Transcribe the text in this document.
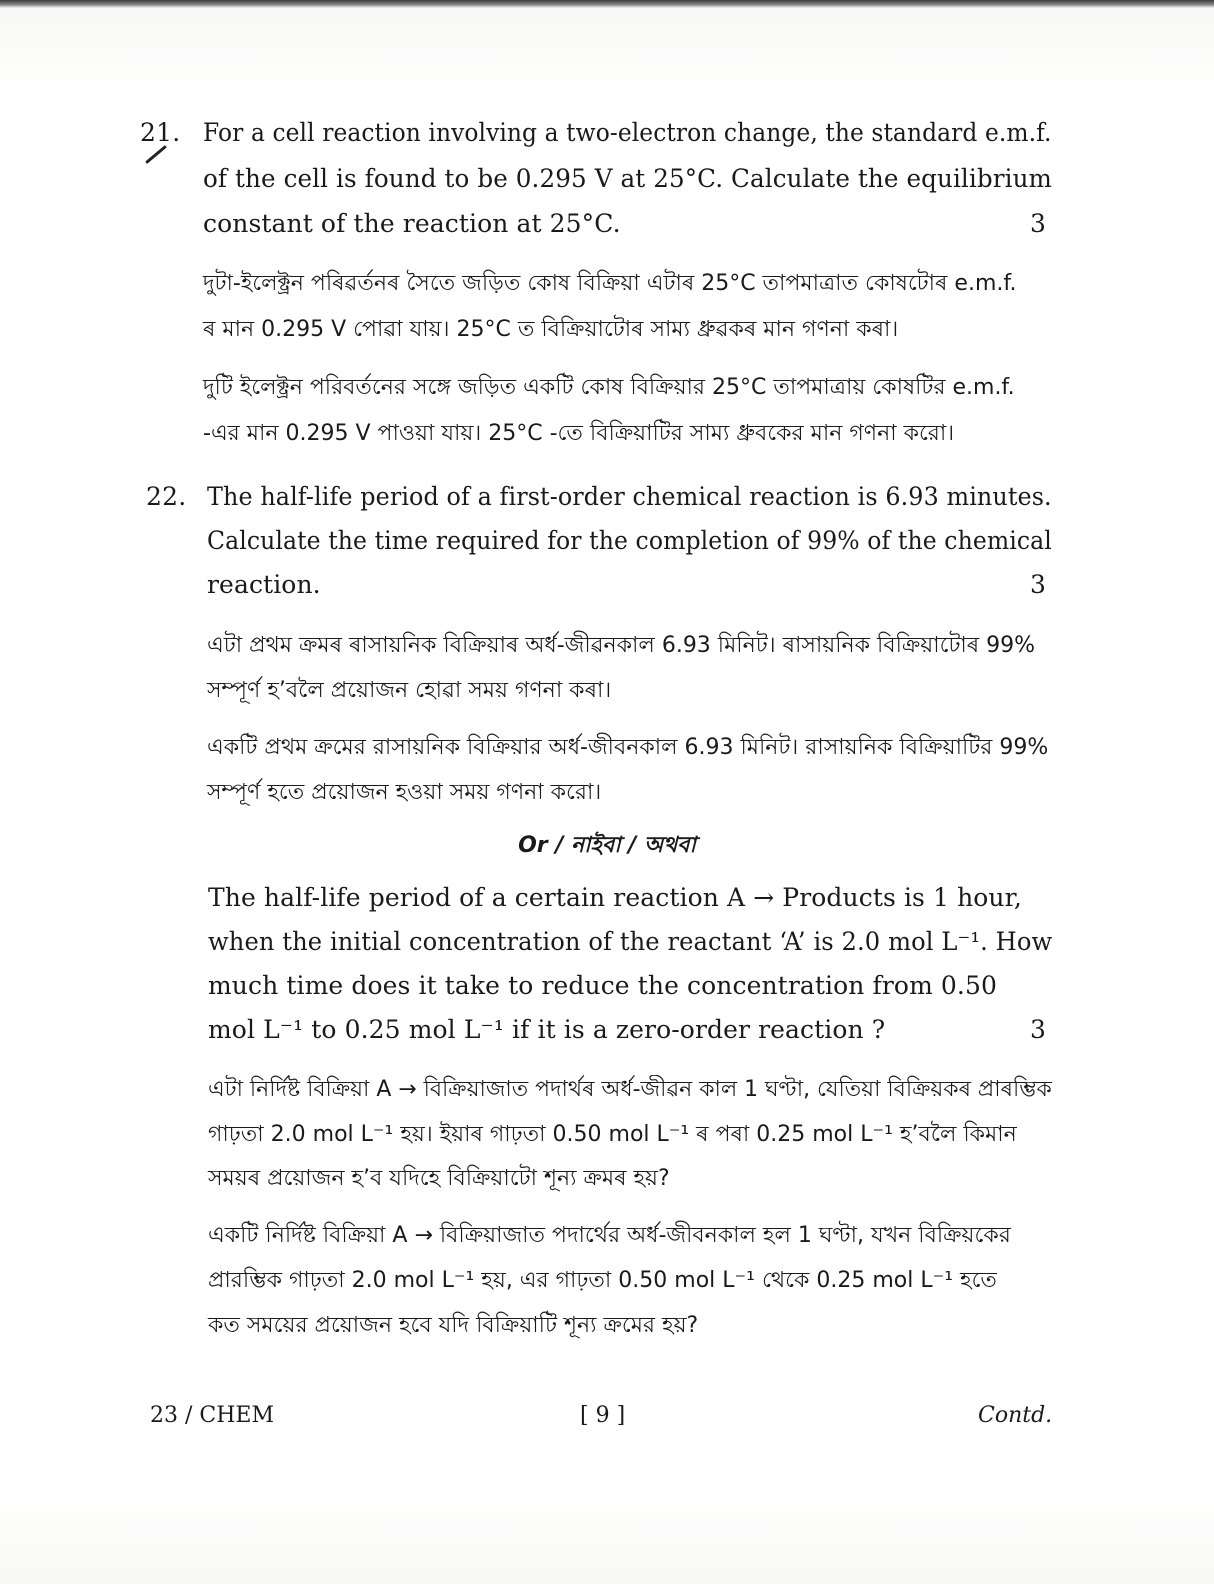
21. For a cell reaction involving a two-electron change, the standard e.m.f.
of the cell is found to be 0.295 V at 25°C. Calculate the equilibrium
constant of the reaction at 25°C.	3
দুটা-ইলেক্ট্ৰন পৰিৱৰ্তনৰ সৈতে জড়িত কোষ বিক্ৰিয়া এটাৰ 25°C তাপমাত্ৰাত কোষটোৰ e.m.f.
ৰ মান 0.295 V পোৱা যায়। 25°C ত বিক্ৰিয়াটোৰ সাম্য ধ্ৰুৱকৰ মান গণনা কৰা।
দুটি ইলেক্ট্রন পরিবর্তনের সঙ্গে জড়িত একটি কোষ বিক্রিয়ার 25°C তাপমাত্রায় কোষটির e.m.f.
-এর মান 0.295 V পাওয়া যায়। 25°C -তে বিক্রিয়াটির সাম্য ধ্রুবকের মান গণনা করো।
22. The half-life period of a first-order chemical reaction is 6.93 minutes.
Calculate the time required for the completion of 99% of the chemical
reaction.	3
এটা প্ৰথম ক্ৰমৰ ৰাসায়নিক বিক্ৰিয়াৰ অৰ্ধ-জীৱনকাল 6.93 মিনিট। ৰাসায়নিক বিক্ৰিয়াটোৰ 99%
সম্পূৰ্ণ হ’বলৈ প্ৰয়োজন হোৱা সময় গণনা কৰা।
একটি প্রথম ক্রমের রাসায়নিক বিক্রিয়ার অর্ধ-জীবনকাল 6.93 মিনিট। রাসায়নিক বিক্রিয়াটির 99%
সম্পূর্ণ হতে প্রয়োজন হওয়া সময় গণনা করো।
Or / নাইবা / অথবা
The half-life period of a certain reaction A → Products is 1 hour,
when the initial concentration of the reactant ‘A’ is 2.0 mol L⁻¹. How
much time does it take to reduce the concentration from 0.50
mol L⁻¹ to 0.25 mol L⁻¹ if it is a zero-order reaction ?	3
এটা নিৰ্দিষ্ট বিক্ৰিয়া A → বিক্ৰিয়াজাত পদাৰ্থৰ অৰ্ধ-জীৱন কাল 1 ঘণ্টা, যেতিয়া বিক্ৰিয়কৰ প্ৰাৰম্ভিক
গাঢ়তা 2.0 mol L⁻¹ হয়। ইয়াৰ গাঢ়তা 0.50 mol L⁻¹ ৰ পৰা 0.25 mol L⁻¹ হ’বলৈ কিমান
সময়ৰ প্ৰয়োজন হ’ব যদিহে বিক্ৰিয়াটো শূন্য ক্ৰমৰ হয়?
একটি নির্দিষ্ট বিক্রিয়া A → বিক্রিয়াজাত পদার্থের অর্ধ-জীবনকাল হল 1 ঘণ্টা, যখন বিক্রিয়কের
প্রারম্ভিক গাঢ়তা 2.0 mol L⁻¹ হয়, এর গাঢ়তা 0.50 mol L⁻¹ থেকে 0.25 mol L⁻¹ হতে
কত সময়ের প্রয়োজন হবে যদি বিক্রিয়াটি শূন্য ক্রমের হয়?
23 / CHEM	[ 9 ]	Contd.
